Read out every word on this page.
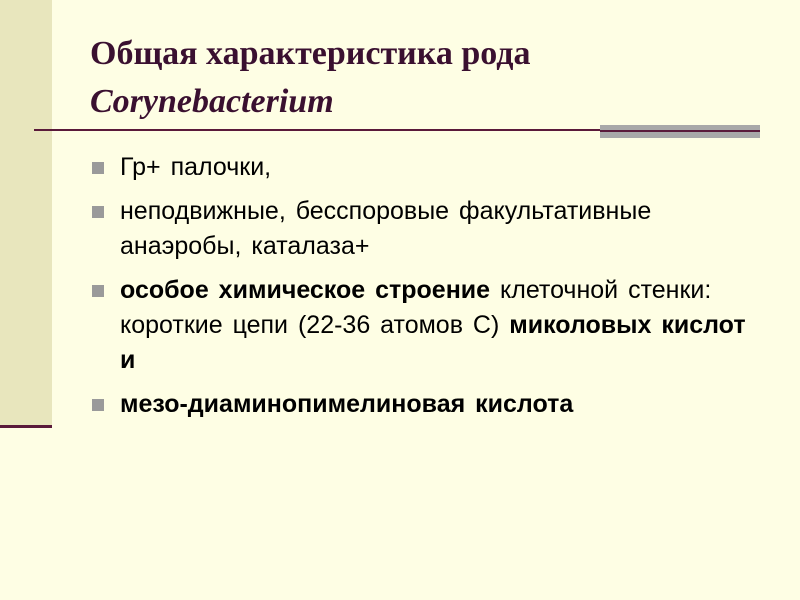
Общая характеристика рода
Corynebacterium
Гр+ палочки,
неподвижные, бесспоровые факультативные анаэробы, каталаза+
особое химическое строение клеточной стенки: короткие цепи (22-36 атомов С) миколовых кислот и
мезо-диаминопимелиновая кислота
